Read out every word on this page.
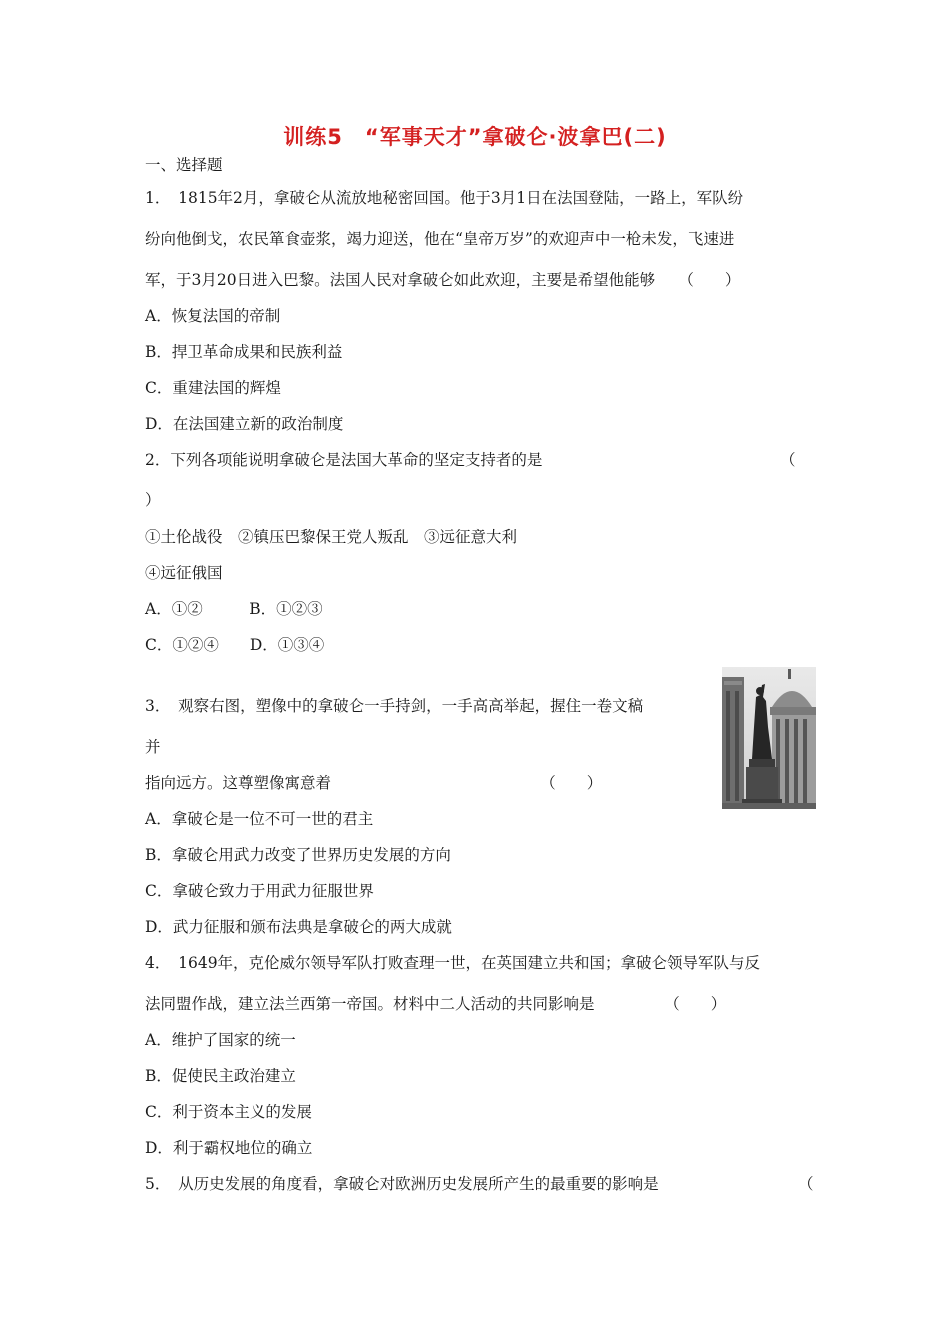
训练5　“军事天才”拿破仑·波拿巴(二)
一、选择题
1．　1815年2月，拿破仑从流放地秘密回国。他于3月1日在法国登陆，一路上，军队纷
纷向他倒戈，农民箪食壶浆，竭力迎送，他在“皇帝万岁”的欢迎声中一枪未发，飞速进
军，于3月20日进入巴黎。法国人民对拿破仑如此欢迎，主要是希望他能够　　（　　）
A．恢复法国的帝制
B．捍卫革命成果和民族利益
C．重建法国的辉煌
D．在法国建立新的政治制度
2．下列各项能说明拿破仑是法国大革命的坚定支持者的是	（
）
①土伦战役　②镇压巴黎保王党人叛乱　③远征意大利
④远征俄国
A．①②　　　B．①②③
C．①②④　　D．①③④
3．　观察右图，塑像中的拿破仑一手持剑，一手高高举起，握住一卷文稿
并
指向远方。这尊塑像寓意着　　　　　　　　　　　　　　（　　）
A．拿破仑是一位不可一世的君主
B．拿破仑用武力改变了世界历史发展的方向
C．拿破仑致力于用武力征服世界
D．武力征服和颁布法典是拿破仑的两大成就
4．　1649年，克伦威尔领导军队打败查理一世，在英国建立共和国；拿破仑领导军队与反
法同盟作战，建立法兰西第一帝国。材料中二人活动的共同影响是　　　　　（　　）
A．维护了国家的统一
B．促使民主政治建立
C．利于资本主义的发展
D．利于霸权地位的确立
5．　从历史发展的角度看，拿破仑对欧洲历史发展所产生的最重要的影响是	（
